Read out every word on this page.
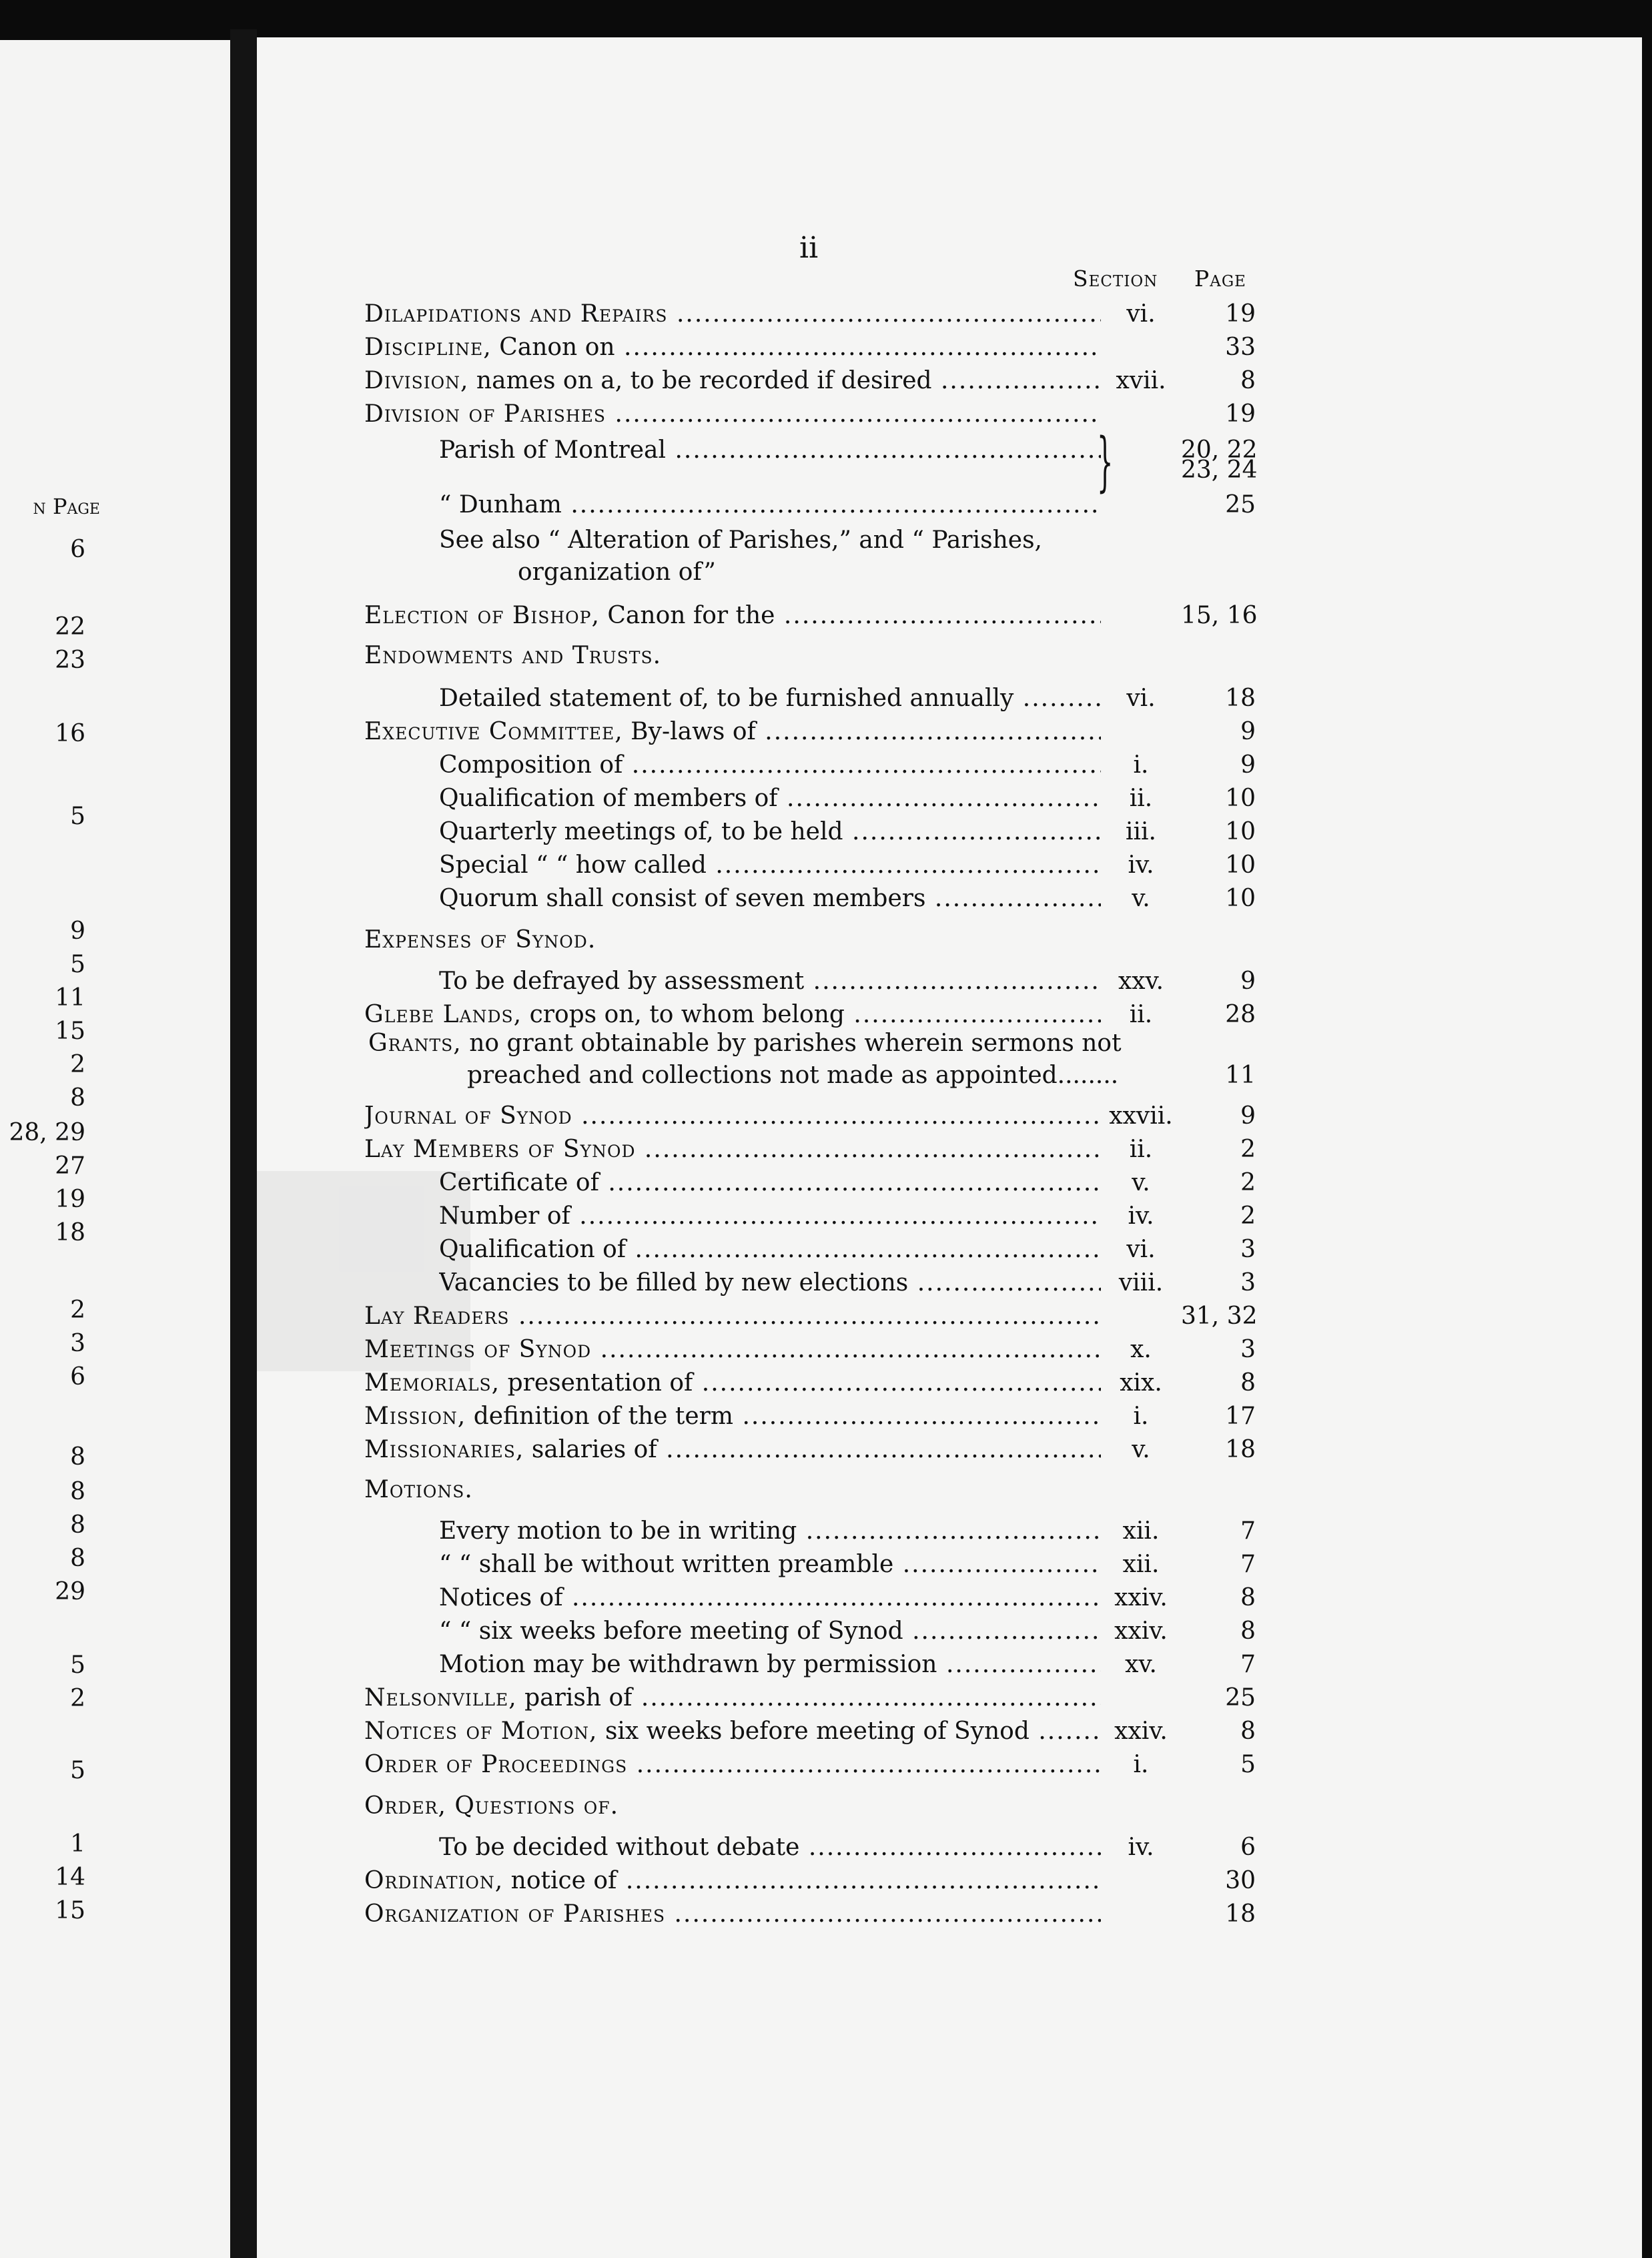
n Page
6
22
23
16
5
9
5
11
15
2
8
28, 29
27
19
18
2
3
6
8
8
8
8
29
5
2
5
1
14
15
ii
Section Page
Dilapidations and Repairs .....	vi.	19
Discipline, Canon on .....	33
Division, names on a, to be recorded if desired .....	xvii.	8
Division of Parishes .....	19
Parish of Montreal .....	20, 22
23, 24
“ Dunham .....	25
Election of Bishop, Canon for the .....	15, 16
Endowments and Trusts.
Detailed statement of, to be furnished annually .....	vi.	18
Executive Committee, By-laws of .....	9
Composition of .....	i.	9
Qualification of members of .....	ii.	10
Quarterly meetings of, to be held .....	iii.	10
Special “ “ how called .....	iv.	10
Quorum shall consist of seven members .....	v.	10
Expenses of Synod.
To be defrayed by assessment .....	xxv.	9
Glebe Lands, crops on, to whom belong .....	ii.	28
Journal of Synod .....	xxvii.	9
Lay Members of Synod .....	ii.	2
Certificate of .....	v.	2
Number of .....	iv.	2
Qualification of .....	vi.	3
Vacancies to be filled by new elections .....	viii.	3
Lay Readers .....	31, 32
Meetings of Synod .....	x.	3
Memorials, presentation of .....	xix.	8
Mission, definition of the term .....	i.	17
Missionaries, salaries of .....	v.	18
Motions.
Every motion to be in writing .....	xii.	7
“ “ shall be without written preamble .....	xii.	7
Notices of .....	xxiv.	8
“ “ six weeks before meeting of Synod .....	xxiv.	8
Motion may be withdrawn by permission .....	xv.	7
Nelsonville, parish of .....	25
Notices of Motion, six weeks before meeting of Synod .....	xxiv.	8
Order of Proceedings .....	i.	5
Order, Questions of.
To be decided without debate .....	iv.	6
Ordination, notice of .....	30
Organization of Parishes .....	18
}
See also “ Alteration of Parishes,” and “ Parishes,
organization of”
Grants, no grant obtainable by parishes wherein sermons not
preached and collections not made as appointed........	11
